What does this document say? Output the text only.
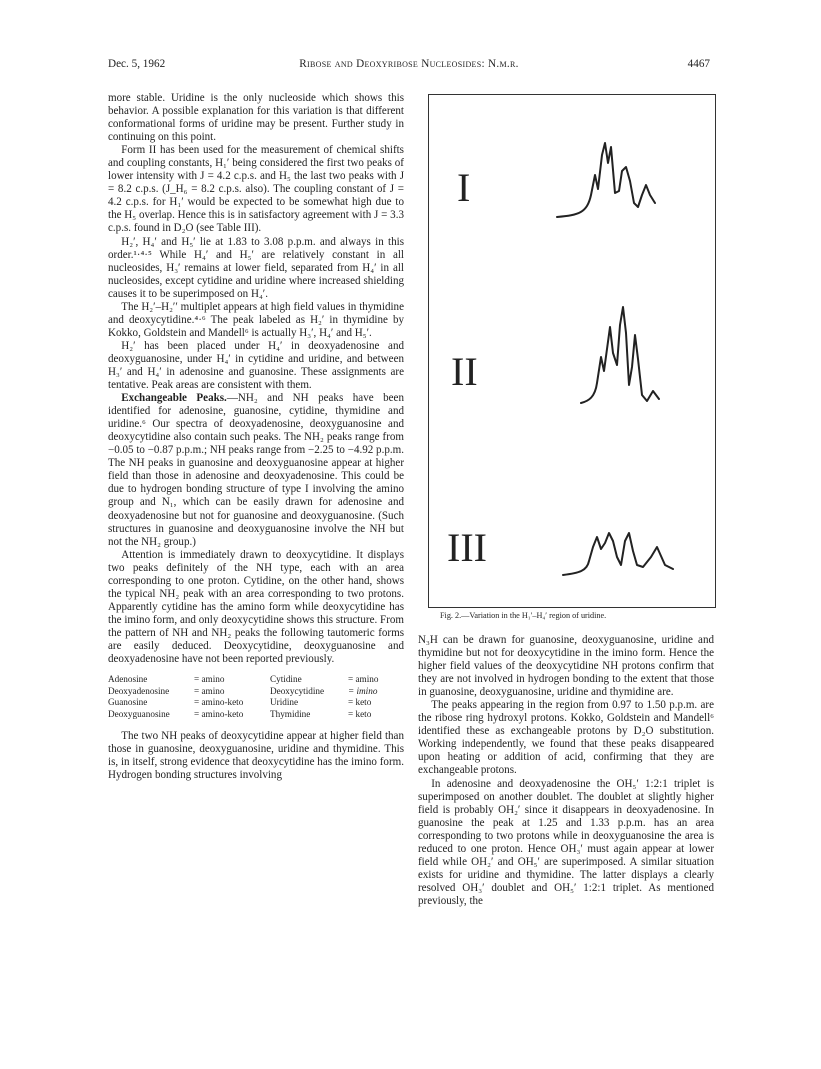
Dec. 5, 1962	Ribose and Deoxyribose Nucleosides: N.m.r.	4467

more stable. Uridine is the only nucleoside which shows this behavior. A possible explanation for this variation is that different conformational forms of uridine may be present. Further study in continuing on this point.

Form II has been used for the measurement of chemical shifts and coupling constants, H₁′ being considered the first two peaks of lower intensity with J = 4.2 c.p.s. and H₅ the last two peaks with J = 8.2 c.p.s. (J_H₆ = 8.2 c.p.s. also). The coupling constant of J = 4.2 c.p.s. for H₁′ would be expected to be somewhat high due to the H₅ overlap. Hence this is in satisfactory agreement with J = 3.3 c.p.s. found in D₂O (see Table III).

H₂′, H₄′ and H₅′ lie at 1.83 to 3.08 p.p.m. and always in this order.¹·⁴·⁵ While H₄′ and H₅′ are relatively constant in all nucleosides, H₃′ remains at lower field, separated from H₄′ in all nucleosides, except cytidine and uridine where increased shielding causes it to be superimposed on H₄′.

The H₂′–H₂′′ multiplet appears at high field values in thymidine and deoxycytidine.⁴·⁶ The peak labeled as H₂′ in thymidine by Kokko, Goldstein and Mandell⁶ is actually H₃′, H₄′ and H₅′.

H₂′ has been placed under H₄′ in deoxyadenosine and deoxyguanosine, under H₄′ in cytidine and uridine, and between H₃′ and H₄′ in adenosine and guanosine. These assignments are tentative. Peak areas are consistent with them.

Exchangeable Peaks.—NH₂ and NH peaks have been identified for adenosine, guanosine, cytidine, thymidine and uridine.⁶ Our spectra of deoxyadenosine, deoxyguanosine and deoxycytidine also contain such peaks. The NH₂ peaks range from −0.05 to −0.87 p.p.m.; NH peaks range from −2.25 to −4.92 p.p.m. The NH peaks in guanosine and deoxyguanosine appear at higher field than those in adenosine and deoxyadenosine. This could be due to hydrogen bonding structure of type I involving the amino group and N₁, which can be easily drawn for adenosine and deoxyadenosine but not for guanosine and deoxyguanosine. (Such structures in guanosine and deoxyguanosine involve the NH but not the NH₂ group.)

Attention is immediately drawn to deoxycytidine. It displays two peaks definitely of the NH type, each with an area corresponding to one proton. Cytidine, on the other hand, shows the typical NH₂ peak with an area corresponding to two protons. Apparently cytidine has the amino form while deoxycytidine has the imino form, and only deoxycytidine shows this structure. From the pattern of NH and NH₂ peaks the following tautomeric forms are easily deduced. Deoxycytidine, deoxyguanosine and deoxyadenosine have not been reported previously.

Adenosine	= amino	Cytidine	= amino
Deoxyadenosine	= amino	Deoxycytidine	= imino
Guanosine	= amino-keto	Uridine	= keto
Deoxyguanosine	= amino-keto	Thymidine	= keto

The two NH peaks of deoxycytidine appear at higher field than those in guanosine, deoxyguanosine, uridine and thymidine. This is, in itself, strong evidence that deoxycytidine has the imino form. Hydrogen bonding structures involving

I
II
III
Fig. 2.—Variation in the H₁′–H₄′ region of uridine.

N₃H can be drawn for guanosine, deoxyguanosine, uridine and thymidine but not for deoxycytidine in the imino form. Hence the higher field values of the deoxycytidine NH protons confirm that they are not involved in hydrogen bonding to the extent that those in guanosine, deoxyguanosine, uridine and thymidine are.

The peaks appearing in the region from 0.97 to 1.50 p.p.m. are the ribose ring hydroxyl protons. Kokko, Goldstein and Mandell⁶ identified these as exchangeable protons by D₂O substitution. Working independently, we found that these peaks disappeared upon heating or addition of acid, confirming that they are exchangeable protons.

In adenosine and deoxyadenosine the OH₅′ 1:2:1 triplet is superimposed on another doublet. The doublet at slightly higher field is probably OH₂′ since it disappears in deoxyadenosine. In guanosine the peak at 1.25 and 1.33 p.p.m. has an area corresponding to two protons while in deoxyguanosine the area is reduced to one proton. Hence OH₃′ must again appear at lower field while OH₂′ and OH₅′ are superimposed. A similar situation exists for uridine and thymidine. The latter displays a clearly resolved OH₃′ doublet and OH₅′ 1:2:1 triplet. As mentioned previously, the
